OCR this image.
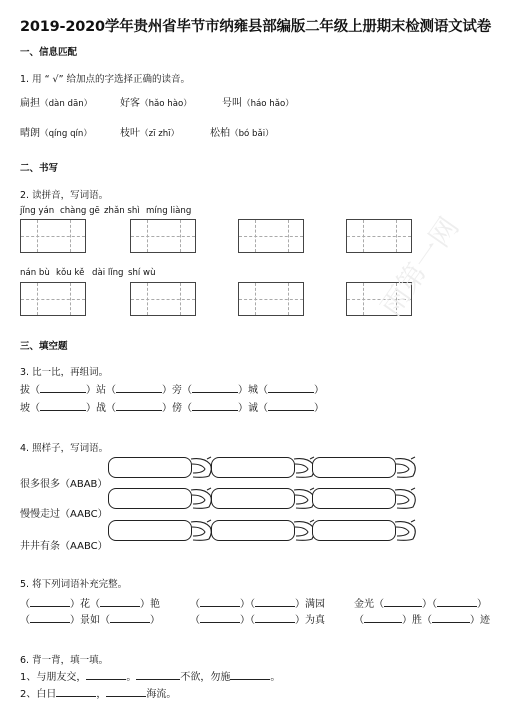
2019-2020学年贵州省毕节市纳雍县部编版二年级上册期末检测语文试卷
一、信息匹配
1. 用 “ √” 给加点的字选择正确的读音。
扁担（dàn dān）	好客（hǎo hào）	号叫（háo hǎo）
晴朗（qíng qín）	枝叶（zī zhī）	松柏（bó bǎi）
二、书写
2. 读拼音，写词语。
jǐng yán chàng gē zhǎn shì míng liàng
nán bù kǒu kě dài lǐng shí wù
三、填空题
3. 比一比，再组词。
拔（	）站（	）旁（	）城（	）
坡（	）战（	）傍（	）诚（	）
4. 照样子，写词语。
很多很多（ABAB）
慢慢走过（AABC）
井井有条（AABC）
5. 将下列词语补充完整。
（	）花（	）艳	（	）（	）满园	金光（	）（	）
（	）景如（	）	（	）（	）为真	（	）胜（	）迹
6. 背一背，填一填。
1、与朋友交，	。	不欲，勿施	。
2、白日	，	海流。
雨第一网
